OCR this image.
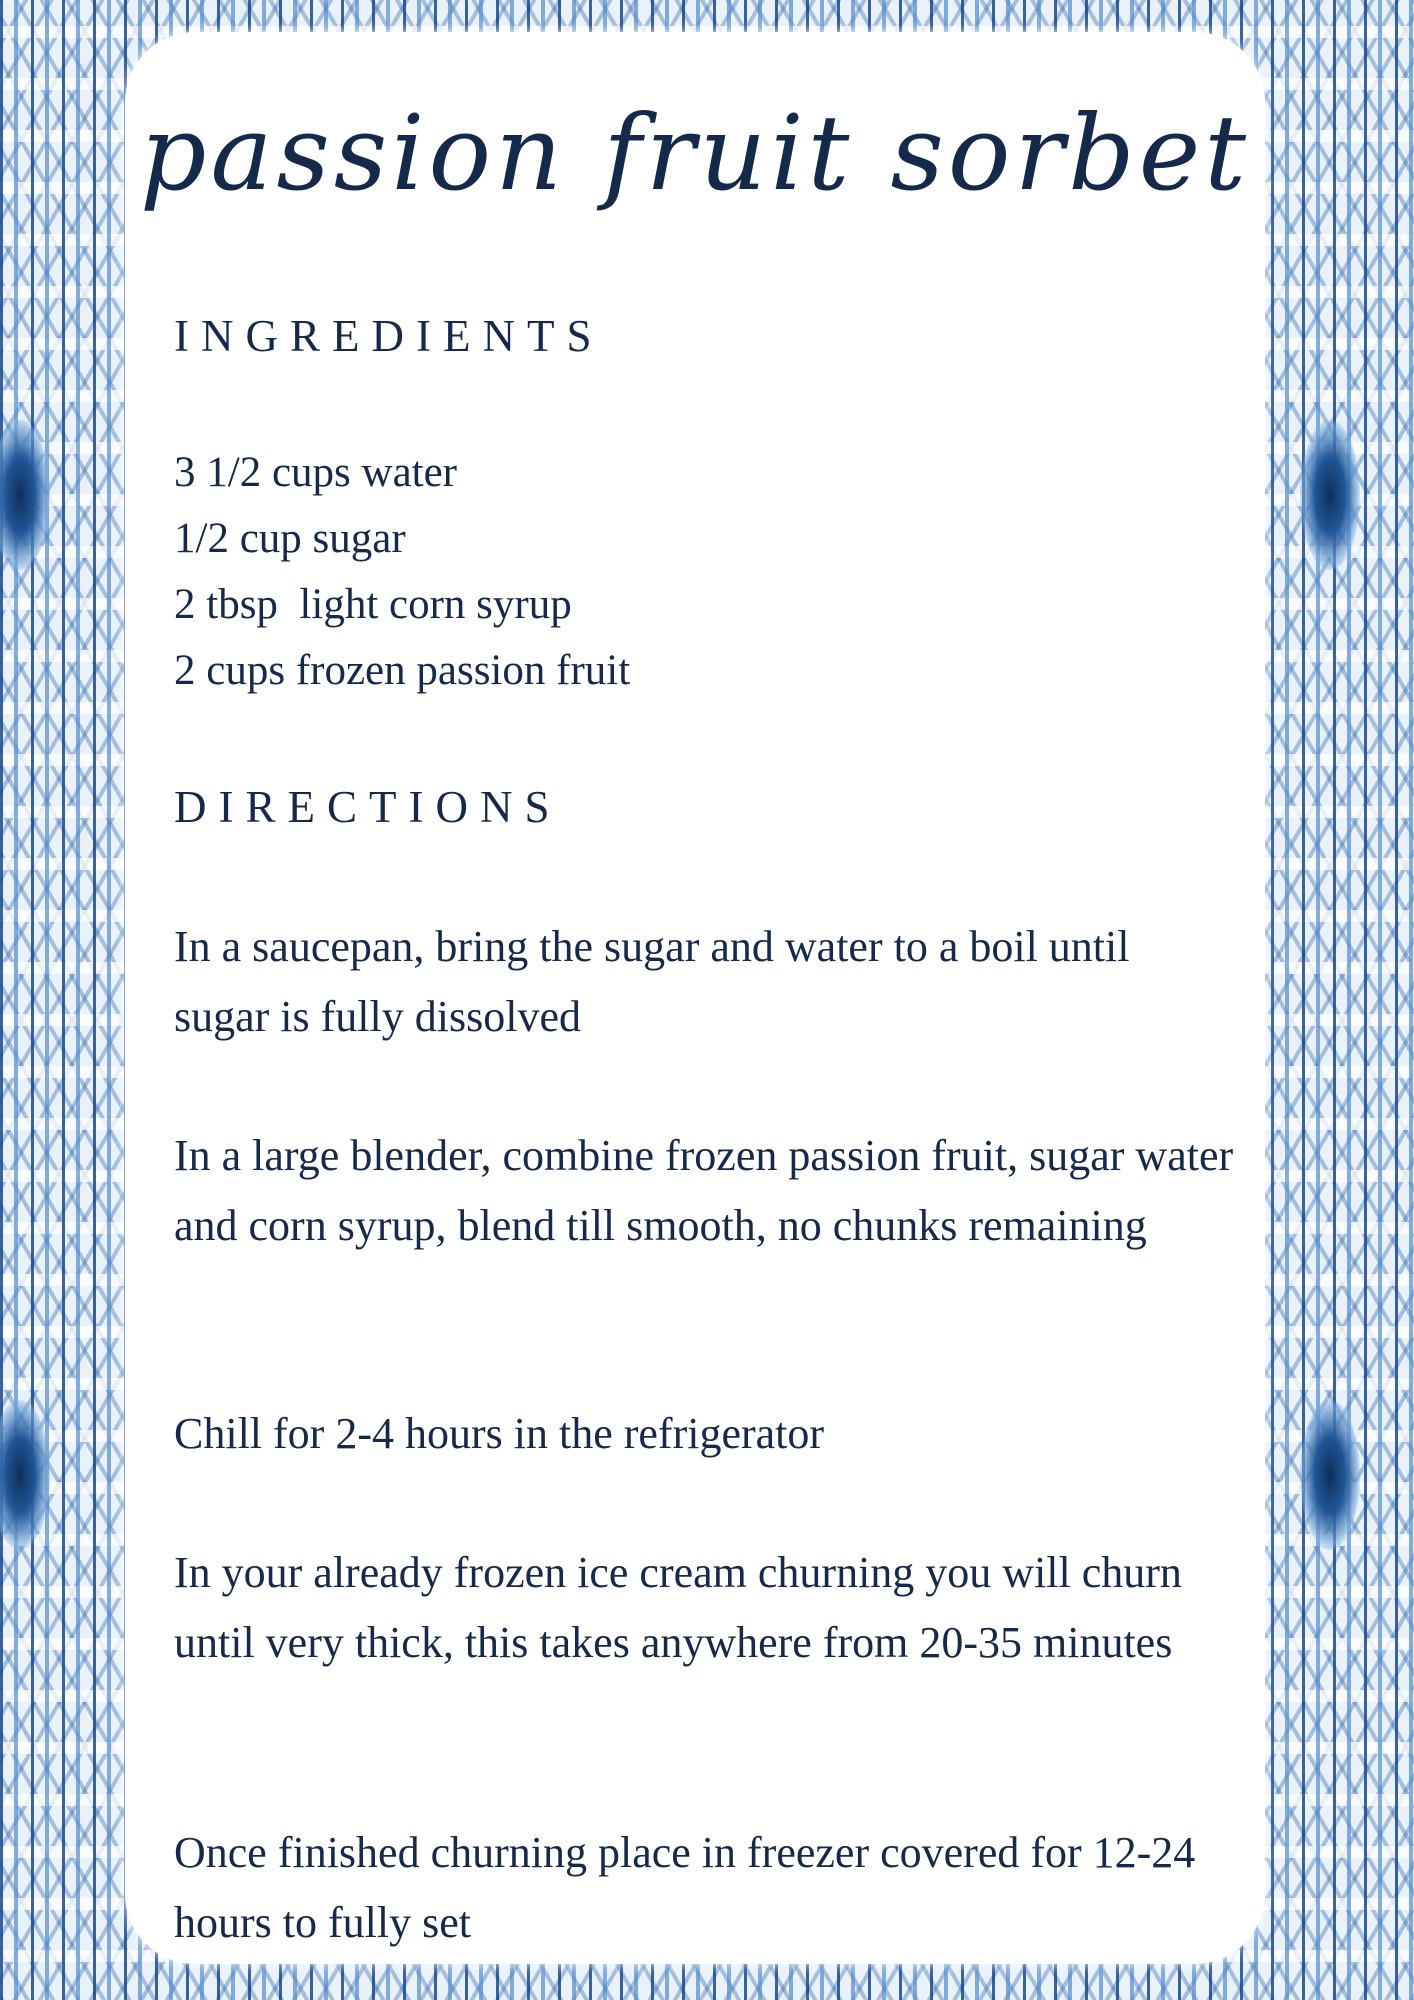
passion fruit sorbet
INGREDIENTS
3 1/2 cups water
1/2 cup sugar
2 tbsp  light corn syrup
2 cups frozen passion fruit
DIRECTIONS

In a saucepan, bring the sugar and water to a boil until sugar is fully dissolved

In a large blender, combine frozen passion fruit, sugar water and corn syrup, blend till smooth, no chunks remaining

Chill for 2-4 hours in the refrigerator

In your already frozen ice cream churning you will churn until very thick, this takes anywhere from 20-35 minutes

Once finished churning place in freezer covered for 12-24 hours to fully set
